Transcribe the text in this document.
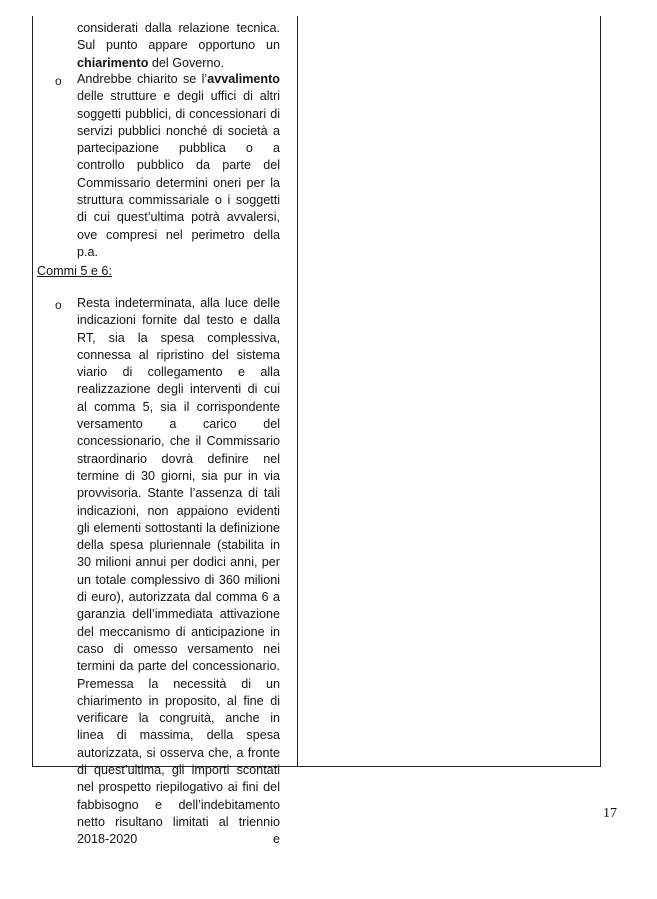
considerati dalla relazione tecnica. Sul punto appare opportuno un chiarimento del Governo.
o Andrebbe chiarito se l’avvalimento delle strutture e degli uffici di altri soggetti pubblici, di concessionari di servizi pubblici nonché di società a partecipazione pubblica o a controllo pubblico da parte del Commissario determini oneri per la struttura commissariale o i soggetti di cui quest’ultima potrà avvalersi, ove compresi nel perimetro della p.a.
Commi 5 e 6:
o Resta indeterminata, alla luce delle indicazioni fornite dal testo e dalla RT, sia la spesa complessiva, connessa al ripristino del sistema viario di collegamento e alla realizzazione degli interventi di cui al comma 5, sia il corrispondente versamento a carico del concessionario, che il Commissario straordinario dovrà definire nel termine di 30 giorni, sia pur in via provvisoria. Stante l’assenza di tali indicazioni, non appaiono evidenti gli elementi sottostanti la definizione della spesa pluriennale (stabilita in 30 milioni annui per dodici anni, per un totale complessivo di 360 milioni di euro), autorizzata dal comma 6 a garanzia dell’immediata attivazione del meccanismo di anticipazione in caso di omesso versamento nei termini da parte del concessionario. Premessa la necessità di un chiarimento in proposito, al fine di verificare la congruità, anche in linea di massima, della spesa autorizzata, si osserva che, a fronte di quest’ultima, gli importi scontati nel prospetto riepilogativo ai fini del fabbisogno e dell’indebitamento netto risultano limitati al triennio 2018-2020 e
17
